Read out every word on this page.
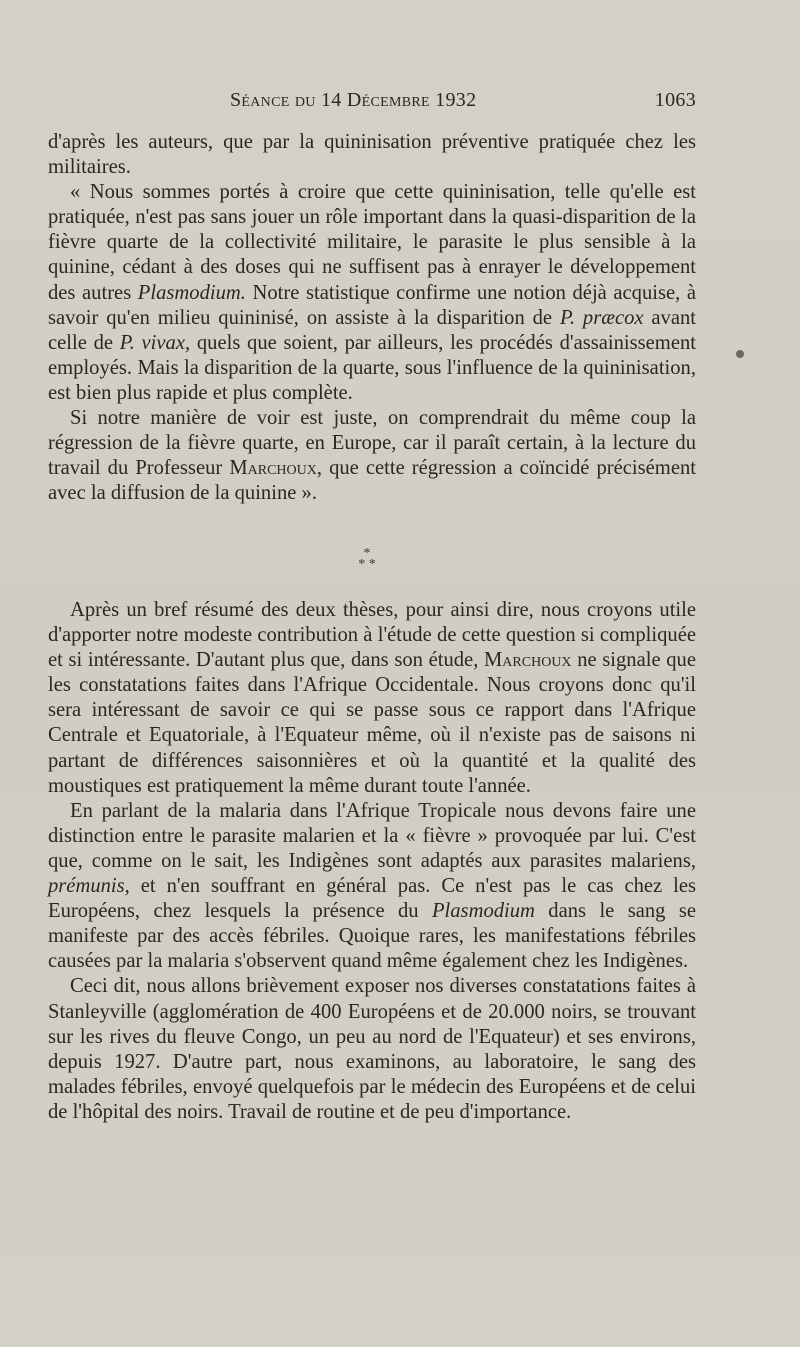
Séance du 14 Décembre 1932	1063

d'après les auteurs, que par la quininisation préventive pratiquée chez les militaires.

« Nous sommes portés à croire que cette quininisation, telle qu'elle est pratiquée, n'est pas sans jouer un rôle important dans la quasi-disparition de la fièvre quarte de la collectivité militaire, le parasite le plus sensible à la quinine, cédant à des doses qui ne suffisent pas à enrayer le développement des autres Plasmodium. Notre statistique confirme une notion déjà acquise, à savoir qu'en milieu quininisé, on assiste à la disparition de P. præcox avant celle de P. vivax, quels que soient, par ailleurs, les procédés d'assainissement employés. Mais la disparition de la quarte, sous l'influence de la quininisation, est bien plus rapide et plus complète.

Si notre manière de voir est juste, on comprendrait du même coup la régression de la fièvre quarte, en Europe, car il paraît certain, à la lecture du travail du Professeur Marchoux, que cette régression a coïncidé précisément avec la diffusion de la quinine ».

*
* *

Après un bref résumé des deux thèses, pour ainsi dire, nous croyons utile d'apporter notre modeste contribution à l'étude de cette question si compliquée et si intéressante. D'autant plus que, dans son étude, Marchoux ne signale que les constatations faites dans l'Afrique Occidentale. Nous croyons donc qu'il sera intéressant de savoir ce qui se passe sous ce rapport dans l'Afrique Centrale et Equatoriale, à l'Equateur même, où il n'existe pas de saisons ni partant de différences saisonnières et où la quantité et la qualité des moustiques est pratiquement la même durant toute l'année.

En parlant de la malaria dans l'Afrique Tropicale nous devons faire une distinction entre le parasite malarien et la « fièvre » provoquée par lui. C'est que, comme on le sait, les Indigènes sont adaptés aux parasites malariens, prémunis, et n'en souffrant en général pas. Ce n'est pas le cas chez les Européens, chez lesquels la présence du Plasmodium dans le sang se manifeste par des accès fébriles. Quoique rares, les manifestations fébriles causées par la malaria s'observent quand même également chez les Indigènes.

Ceci dit, nous allons brièvement exposer nos diverses constatations faites à Stanleyville (agglomération de 400 Européens et de 20.000 noirs, se trouvant sur les rives du fleuve Congo, un peu au nord de l'Equateur) et ses environs, depuis 1927. D'autre part, nous examinons, au laboratoire, le sang des malades fébriles, envoyé quelquefois par le médecin des Européens et de celui de l'hôpital des noirs. Travail de routine et de peu d'importance.
